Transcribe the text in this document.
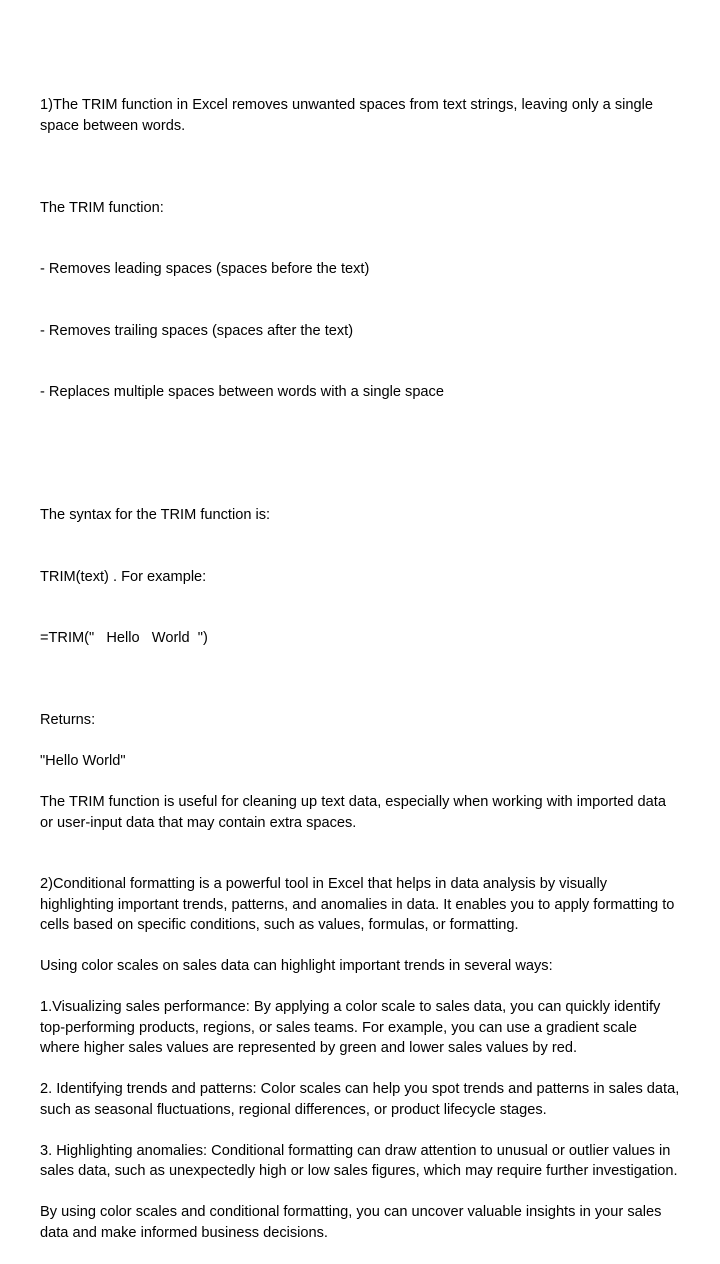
1)The TRIM function in Excel removes unwanted spaces from text strings, leaving only a single space between words.

The TRIM function:

- Removes leading spaces (spaces before the text)

- Removes trailing spaces (spaces after the text)

- Replaces multiple spaces between words with a single space

The syntax for the TRIM function is:

TRIM(text) . For example:

=TRIM("   Hello   World  ")

Returns:

"Hello World"

The TRIM function is useful for cleaning up text data, especially when working with imported data or user-input data that may contain extra spaces.

2)Conditional formatting is a powerful tool in Excel that helps in data analysis by visually highlighting important trends, patterns, and anomalies in data. It enables you to apply formatting to cells based on specific conditions, such as values, formulas, or formatting.

Using color scales on sales data can highlight important trends in several ways:

1.Visualizing sales performance: By applying a color scale to sales data, you can quickly identify top-performing products, regions, or sales teams. For example, you can use a gradient scale where higher sales values are represented by green and lower sales values by red.

2. Identifying trends and patterns: Color scales can help you spot trends and patterns in sales data, such as seasonal fluctuations, regional differences, or product lifecycle stages.

3. Highlighting anomalies: Conditional formatting can draw attention to unusual or outlier values in sales data, such as unexpectedly high or low sales figures, which may require further investigation.

By using color scales and conditional formatting, you can uncover valuable insights in your sales data and make informed business decisions.
